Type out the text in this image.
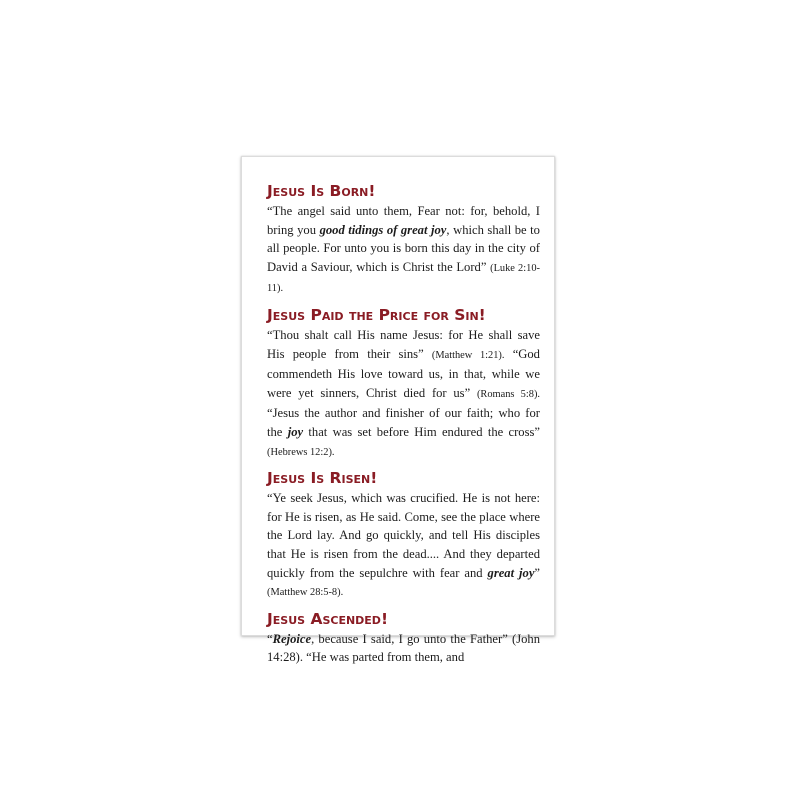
Jesus Is Born!

“The angel said unto them, Fear not: for, behold, I bring you good tidings of great joy, which shall be to all people. For unto you is born this day in the city of David a Saviour, which is Christ the Lord” (Luke 2:10-11).

Jesus Paid the Price for Sin!

“Thou shalt call His name Jesus: for He shall save His people from their sins” (Matthew 1:21). “God commendeth His love toward us, in that, while we were yet sinners, Christ died for us” (Romans 5:8). “Jesus the author and finisher of our faith; who for the joy that was set before Him endured the cross” (Hebrews 12:2).

Jesus Is Risen!

“Ye seek Jesus, which was crucified. He is not here: for He is risen, as He said. Come, see the place where the Lord lay. And go quickly, and tell His disciples that He is risen from the dead.... And they departed quickly from the sepulchre with fear and great joy” (Matthew 28:5-8).

Jesus Ascended!

“Rejoice, because I said, I go unto the Father” (John 14:28). “He was parted from them, and
